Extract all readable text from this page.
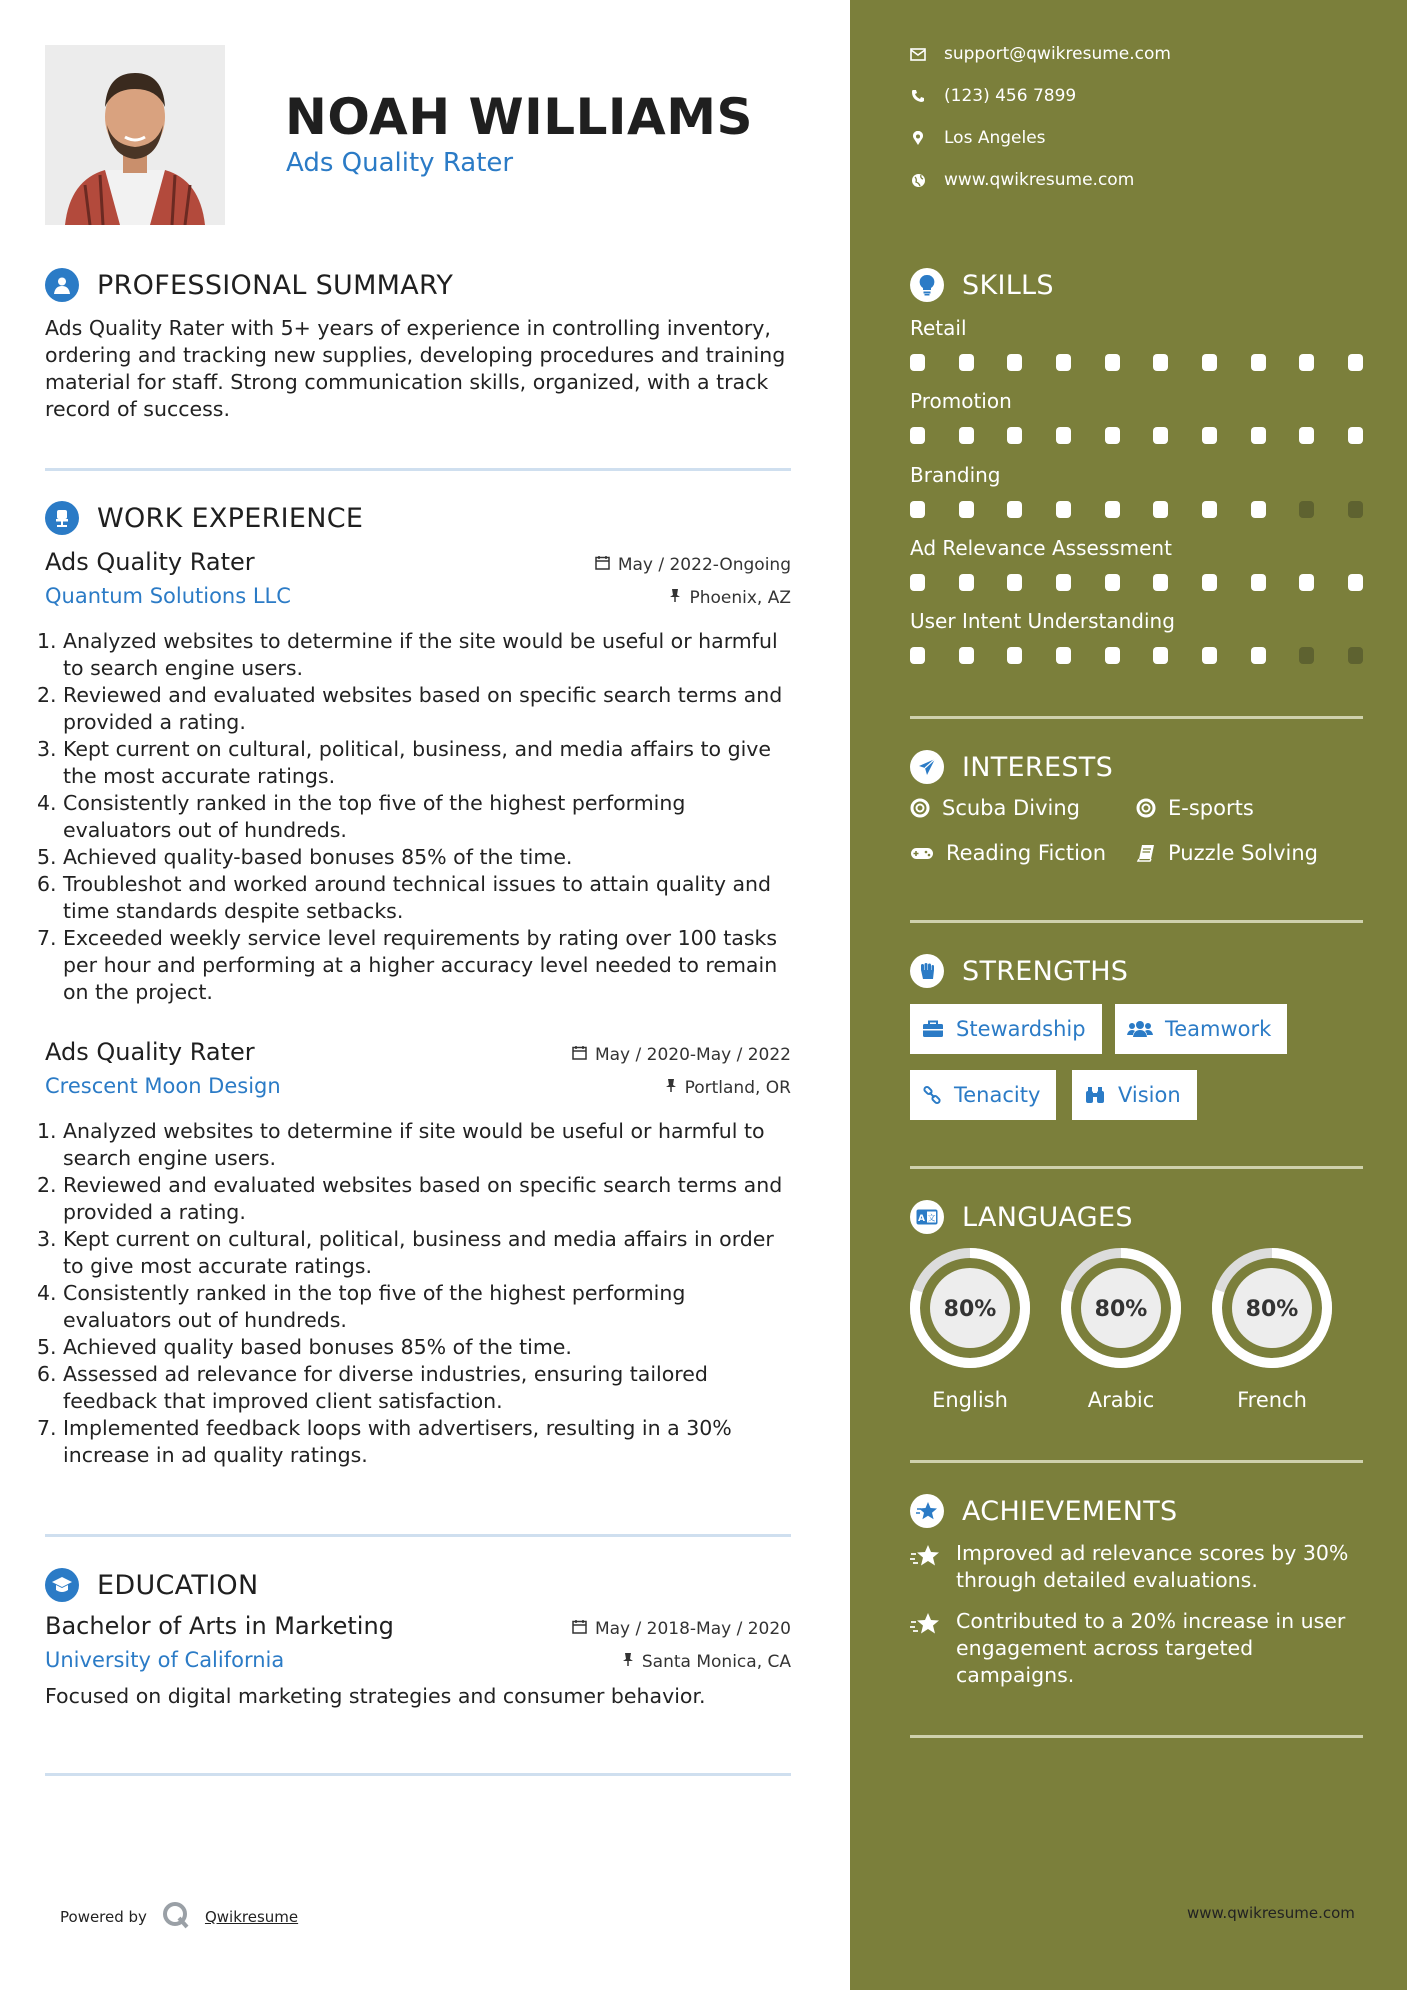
NOAH WILLIAMS
Ads Quality Rater
PROFESSIONAL SUMMARY
Ads Quality Rater with 5+ years of experience in controlling inventory, ordering and tracking new supplies, developing procedures and training material for staff. Strong communication skills, organized, with a track record of success.
WORK EXPERIENCE
Ads Quality Rater	May / 2022-Ongoing
Quantum Solutions LLC	Phoenix, AZ
1. Analyzed websites to determine if the site would be useful or harmful to search engine users.
2. Reviewed and evaluated websites based on specific search terms and provided a rating.
3. Kept current on cultural, political, business, and media affairs to give the most accurate ratings.
4. Consistently ranked in the top five of the highest performing evaluators out of hundreds.
5. Achieved quality-based bonuses 85% of the time.
6. Troubleshot and worked around technical issues to attain quality and time standards despite setbacks.
7. Exceeded weekly service level requirements by rating over 100 tasks per hour and performing at a higher accuracy level needed to remain on the project.
Ads Quality Rater	May / 2020-May / 2022
Crescent Moon Design	Portland, OR
1. Analyzed websites to determine if site would be useful or harmful to search engine users.
2. Reviewed and evaluated websites based on specific search terms and provided a rating.
3. Kept current on cultural, political, business and media affairs in order to give most accurate ratings.
4. Consistently ranked in the top five of the highest performing evaluators out of hundreds.
5. Achieved quality based bonuses 85% of the time.
6. Assessed ad relevance for diverse industries, ensuring tailored feedback that improved client satisfaction.
7. Implemented feedback loops with advertisers, resulting in a 30% increase in ad quality ratings.
EDUCATION
Bachelor of Arts in Marketing	May / 2018-May / 2020
University of California	Santa Monica, CA
Focused on digital marketing strategies and consumer behavior.
Powered by	Qwikresume
support@qwikresume.com
(123) 456 7899
Los Angeles
www.qwikresume.com
SKILLS
Retail
Promotion
Branding
Ad Relevance Assessment
User Intent Understanding
INTERESTS
Scuba Diving	E-sports
Reading Fiction	Puzzle Solving
STRENGTHS
Stewardship	Teamwork
Tenacity	Vision
A 文 LANGUAGES
80%
English
80%
Arabic
80%
French
ACHIEVEMENTS
Improved ad relevance scores by 30% through detailed evaluations.
Contributed to a 20% increase in user engagement across targeted campaigns.
www.qwikresume.com
